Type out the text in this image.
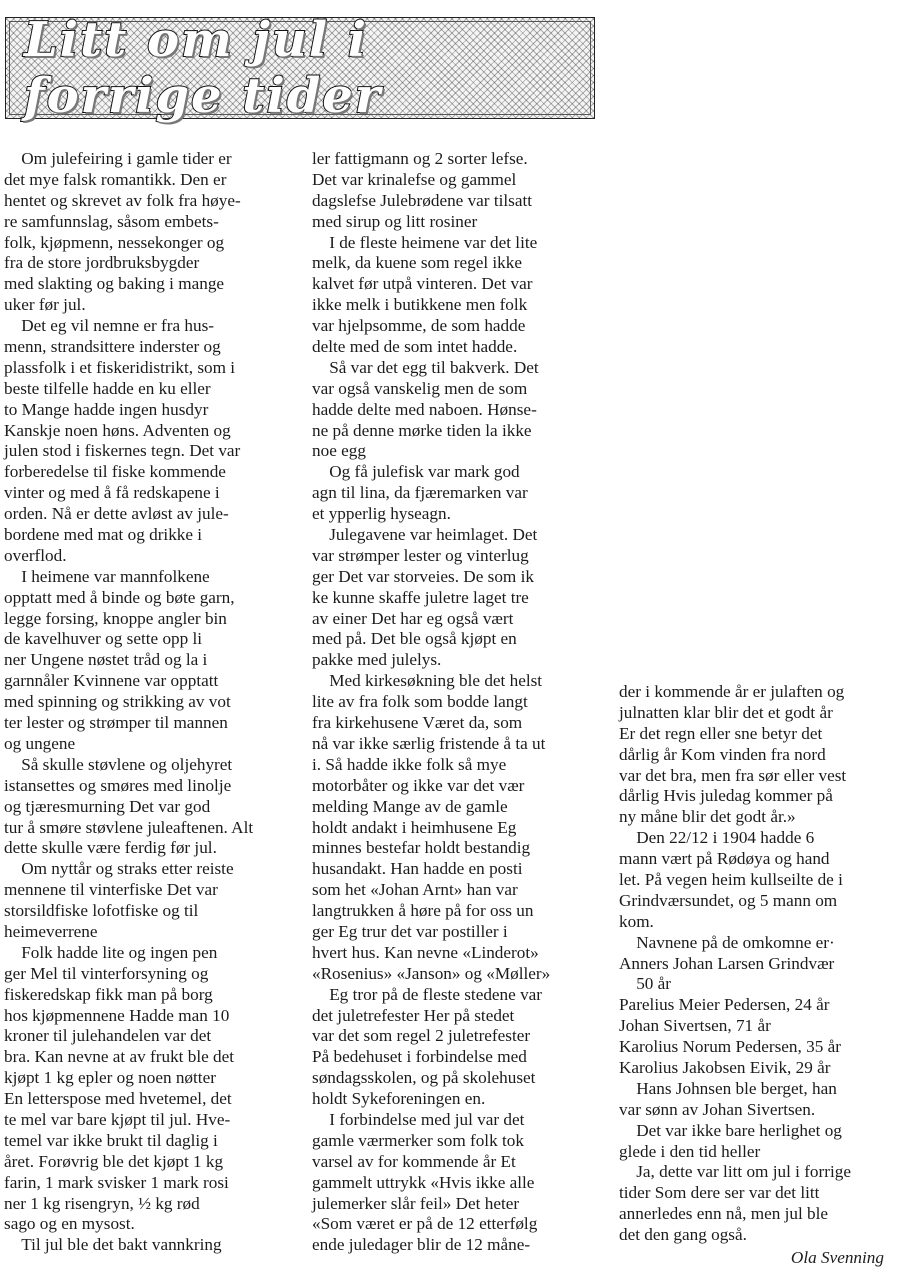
Litt om jul i forrige tider
Om julefeiring i gamle tider er
det mye falsk romantikk. Den er
hentet og skrevet av folk fra høye-
re samfunnslag, såsom embets-
folk, kjøpmenn, nessekonger og
fra de store jordbruksbygder
med slakting og baking i mange
uker før jul.
Det eg vil nemne er fra hus-
menn, strandsittere inderster og
plassfolk i et fiskeridistrikt, som i
beste tilfelle hadde en ku eller
to Mange hadde ingen husdyr
Kanskje noen høns. Adventen og
julen stod i fiskernes tegn. Det var
forberedelse til fiske kommende
vinter og med å få redskapene i
orden. Nå er dette avløst av jule-
bordene med mat og drikke i
overflod.
I heimene var mannfolkene
opptatt med å binde og bøte garn,
legge forsing, knoppe angler bin
de kavelhuver og sette opp li
ner Ungene nøstet tråd og la i
garnnåler Kvinnene var opptatt
med spinning og strikking av vot
ter lester og strømper til mannen
og ungene
Så skulle støvlene og oljehyret
istansettes og smøres med linolje
og tjæresmurning Det var god
tur å smøre støvlene juleaftenen. Alt
dette skulle være ferdig før jul.
Om nyttår og straks etter reiste
mennene til vinterfiske Det var
storsildfiske lofotfiske og til
heimeverrene
Folk hadde lite og ingen pen
ger Mel til vinterforsyning og
fiskeredskap fikk man på borg
hos kjøpmennene Hadde man 10
kroner til julehandelen var det
bra. Kan nevne at av frukt ble det
kjøpt 1 kg epler og noen nøtter
En letterspose med hvetemel, det
te mel var bare kjøpt til jul. Hve-
temel var ikke brukt til daglig i
året. Forøvrig ble det kjøpt 1 kg
farin, 1 mark svisker 1 mark rosi
ner 1 kg risengryn, ½ kg rød
sago og en mysost.
Til jul ble det bakt vannkring
ler fattigmann og 2 sorter lefse.
Det var krinalefse og gammel
dagslefse Julebrødene var tilsatt
med sirup og litt rosiner
I de fleste heimene var det lite
melk, da kuene som regel ikke
kalvet før utpå vinteren. Det var
ikke melk i butikkene men folk
var hjelpsomme, de som hadde
delte med de som intet hadde.
Så var det egg til bakverk. Det
var også vanskelig men de som
hadde delte med naboen. Hønse-
ne på denne mørke tiden la ikke
noe egg
Og få julefisk var mark god
agn til lina, da fjæremarken var
et ypperlig hyseagn.
Julegavene var heimlaget. Det
var strømper lester og vinterlug
ger Det var storveies. De som ik
ke kunne skaffe juletre laget tre
av einer Det har eg også vært
med på. Det ble også kjøpt en
pakke med julelys.
Med kirkesøkning ble det helst
lite av fra folk som bodde langt
fra kirkehusene Været da, som
nå var ikke særlig fristende å ta ut
i. Så hadde ikke folk så mye
motorbåter og ikke var det vær
melding Mange av de gamle
holdt andakt i heimhusene Eg
minnes bestefar holdt bestandig
husandakt. Han hadde en posti
som het «Johan Arnt» han var
langtrukken å høre på for oss un
ger Eg trur det var postiller i
hvert hus. Kan nevne «Linderot»
«Rosenius» «Janson» og «Møller»
Eg tror på de fleste stedene var
det juletrefester Her på stedet
var det som regel 2 juletrefester
På bedehuset i forbindelse med
søndagsskolen, og på skolehuset
holdt Sykeforeningen en.
I forbindelse med jul var det
gamle værmerker som folk tok
varsel av for kommende år Et
gammelt uttrykk «Hvis ikke alle
julemerker slår feil» Det heter
«Som været er på de 12 etterfølg
ende juledager blir de 12 måne-
der i kommende år er julaften og
julnatten klar blir det et godt år
Er det regn eller sne betyr det
dårlig år Kom vinden fra nord
var det bra, men fra sør eller vest
dårlig Hvis juledag kommer på
ny måne blir det godt år.»
Den 22/12 i 1904 hadde 6
mann vært på Rødøya og hand
let. På vegen heim kullseilte de i
Grindværsundet, og 5 mann om
kom.
Navnene på de omkomne er·
Anners Johan Larsen Grindvær
50 år
Parelius Meier Pedersen, 24 år
Johan Sivertsen, 71 år
Karolius Norum Pedersen, 35 år
Karolius Jakobsen Eivik, 29 år
Hans Johnsen ble berget, han
var sønn av Johan Sivertsen.
Det var ikke bare herlighet og
glede i den tid heller
Ja, dette var litt om jul i forrige
tider Som dere ser var det litt
annerledes enn nå, men jul ble
det den gang også.
Ola Svenning
